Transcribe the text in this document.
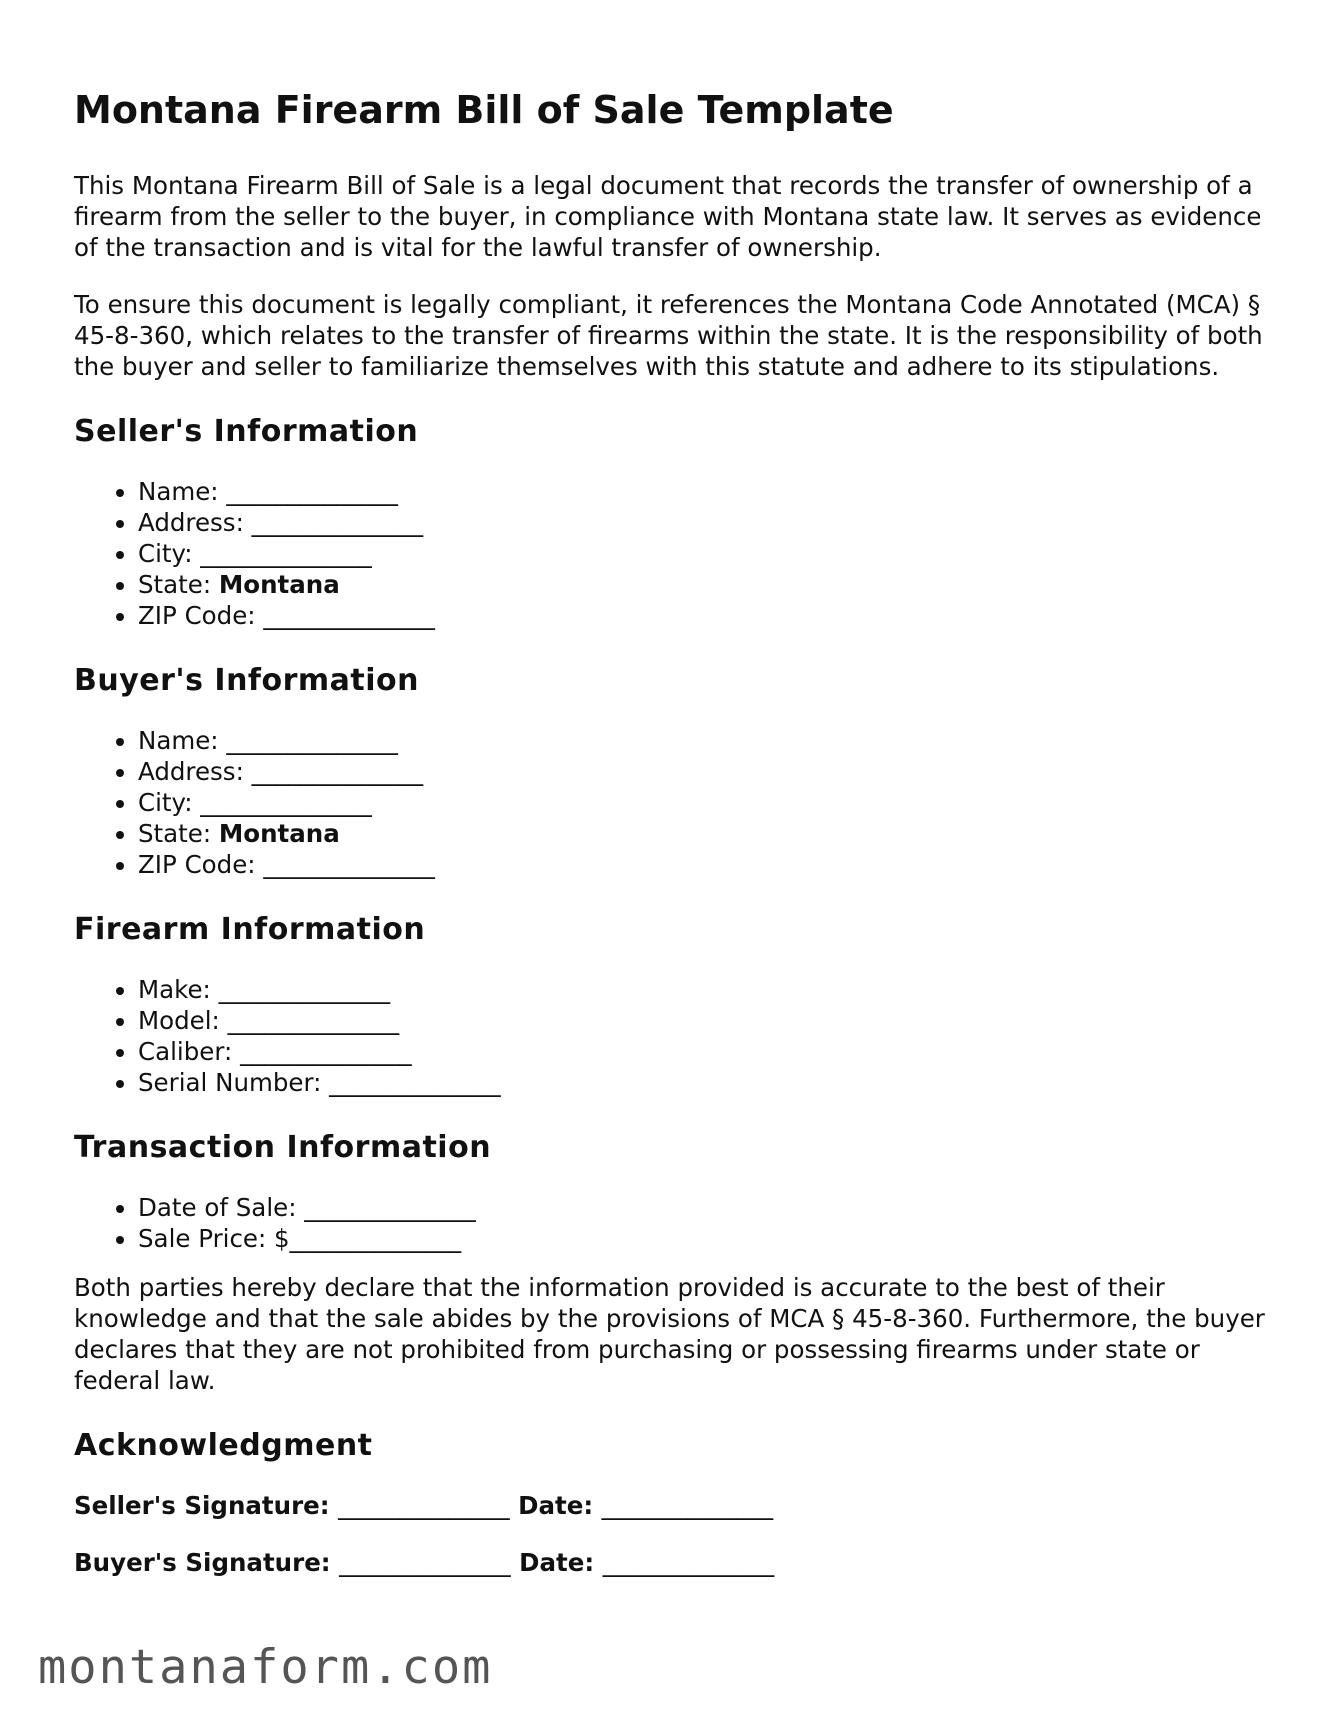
Montana Firearm Bill of Sale Template

This Montana Firearm Bill of Sale is a legal document that records the transfer of ownership of a firearm from the seller to the buyer, in compliance with Montana state law. It serves as evidence of the transaction and is vital for the lawful transfer of ownership.

To ensure this document is legally compliant, it references the Montana Code Annotated (MCA) § 45-8-360, which relates to the transfer of firearms within the state. It is the responsibility of both the buyer and seller to familiarize themselves with this statute and adhere to its stipulations.

Seller's Information
• Name: ______________
• Address: ______________
• City: ______________
• State: Montana
• ZIP Code: ______________
Buyer's Information
• Name: ______________
• Address: ______________
• City: ______________
• State: Montana
• ZIP Code: ______________
Firearm Information
• Make: ______________
• Model: ______________
• Caliber: ______________
• Serial Number: ______________
Transaction Information
• Date of Sale: ______________
• Sale Price: $______________

Both parties hereby declare that the information provided is accurate to the best of their knowledge and that the sale abides by the provisions of MCA § 45-8-360. Furthermore, the buyer declares that they are not prohibited from purchasing or possessing firearms under state or federal law.

Acknowledgment
Seller's Signature: ______________ Date: ______________
Buyer's Signature: ______________ Date: ______________
montanaform.com
